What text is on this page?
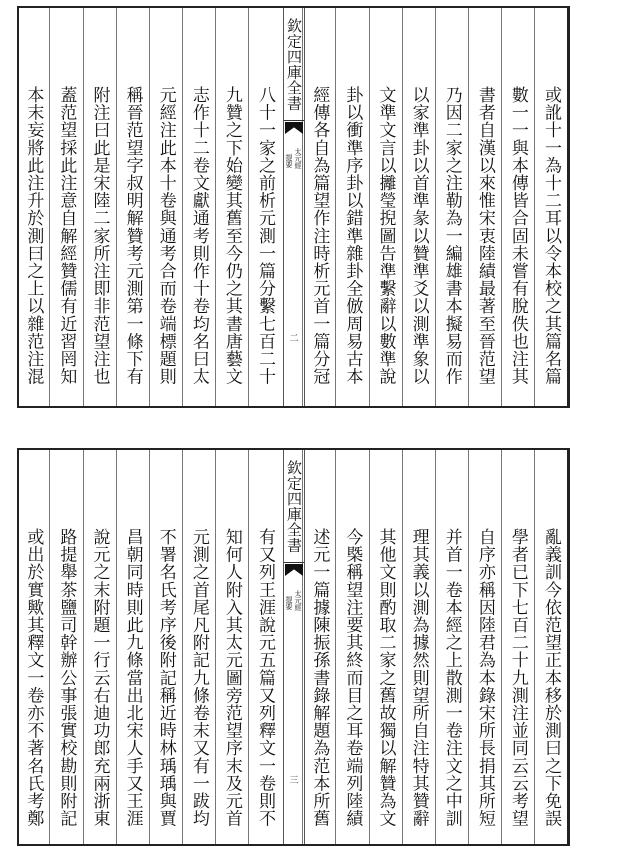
或訛十一為十二耳以令本校之其篇名篇
數一一與本傳皆合固未嘗有脫佚也注其
書者自漢以來惟宋衷陸績最著至晉范望
乃因二家之注勒為一編雄書本擬易而作
以家準卦以首準彖以贊準爻以測準象以
文準文言以攡瑩掜圖告準繫辭以數準說
卦以衝準序卦以錯準雜卦全倣周易古本
經傳各自為篇望作注時析元首一篇分冠
八十一家之前析元測一篇分繫七百二十
九贊之下始變其舊至今仍之其書唐藝文
志作十二卷文獻通考則作十卷均名曰太
元經注此本十卷與通考合而卷端標題則
稱晉范望字叔明解贊考元測第一條下有
附注曰此是宋陸二家所注即非范望注也
蓋范望採此注意自解經贊儒有近習罔知
本末妄將此注升於測曰之上以雜范注混
欽定四庫全書
太元經
提要
二
亂義訓今依范望正本移於測曰之下免誤
學者已下七百二十九測注並同云云考望
自序亦稱因陸君為本錄宋所長捐其所短
并首一卷本經之上散測一卷注文之中訓
理其義以測為據然則望所自注特其贊辭
其他文則酌取二家之舊故獨以解贊為文
今槩稱望注要其終而目之耳卷端列陸績
述元一篇據陳振孫書錄解題為范本所舊
有又列王涯說元五篇又列釋文一卷則不
知何人附入其太元圖旁范望序末及元首
元測之首尾凡附記九條卷末又有一跋均
不署名氏考序後附記稱近時林瑀瑀與賈
昌朝同時則此九條當出北宋人手又王涯
說元之末附題一行云右迪功郎充兩浙東
路提舉茶鹽司幹辦公事張實校勘則附記
或出於實歟其釋文一卷亦不著名氏考鄭
欽定四庫全書
太元經
提要
三
